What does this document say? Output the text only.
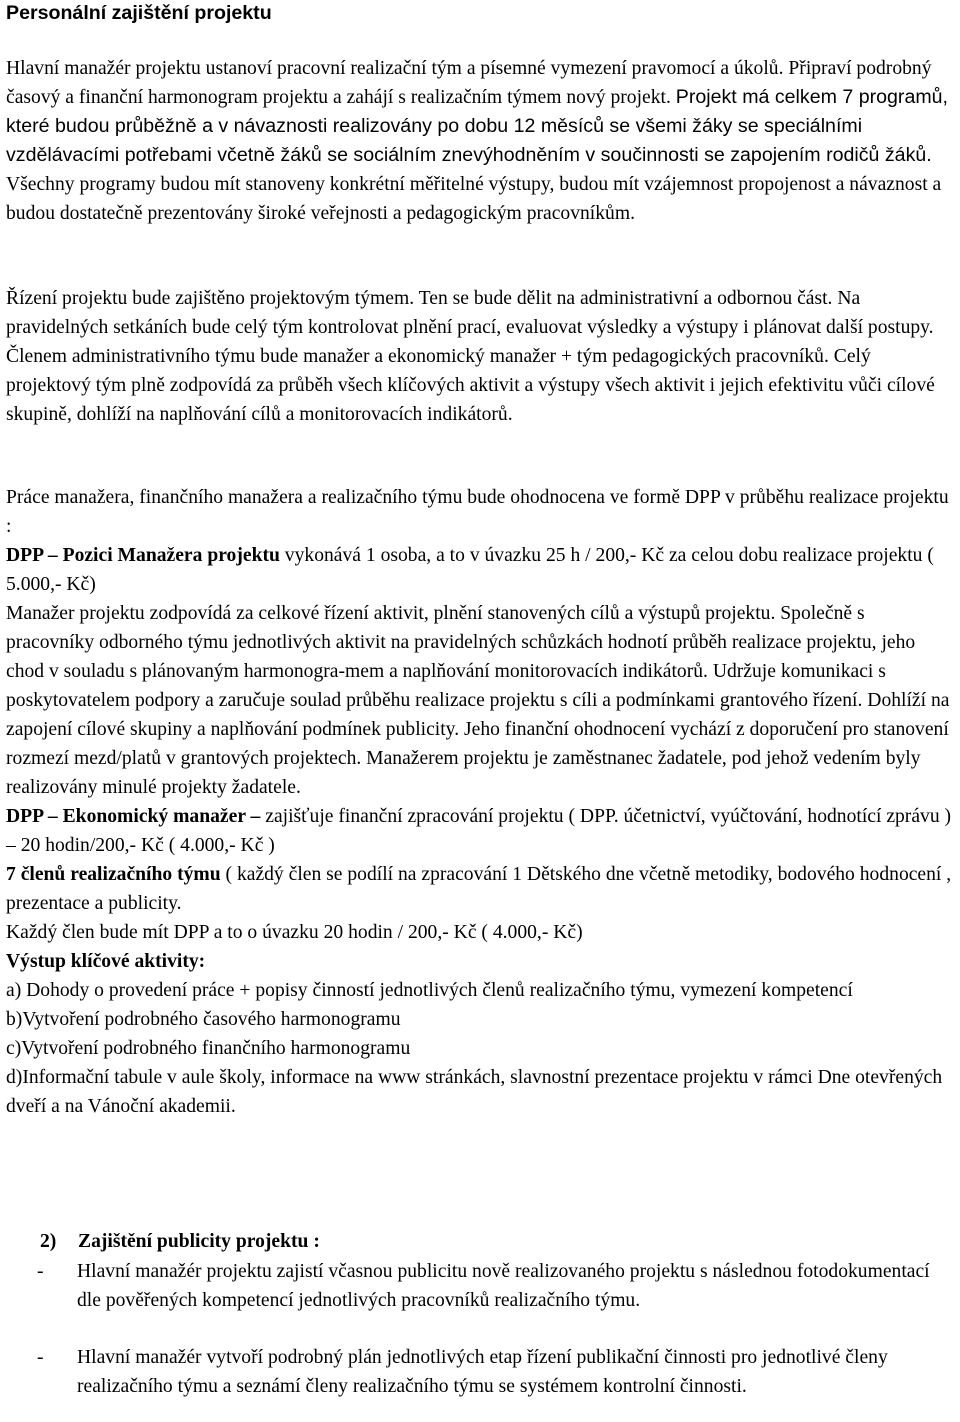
Personální zajištění projektu

Hlavní manažér projektu ustanoví pracovní realizační tým a písemné vymezení pravomocí a úkolů. Připraví podrobný časový a finanční harmonogram projektu a zahájí s realizačním týmem nový projekt. Projekt má celkem 7 programů, které budou průběžně a v návaznosti realizovány po dobu 12 měsíců se všemi žáky se speciálními vzdělávacími potřebami včetně žáků se sociálním znevýhodněním v součinnosti se zapojením rodičů žáků. Všechny programy budou mít stanoveny konkrétní měřitelné výstupy, budou mít vzájemnost propojenost a návaznost a budou dostatečně prezentovány široké veřejnosti a pedagogickým pracovníkům.

Řízení projektu bude zajištěno projektovým týmem. Ten se bude dělit na administrativní a odbornou část. Na pravidelných setkáních bude celý tým kontrolovat plnění prací, evaluovat výsledky a výstupy i plánovat další postupy. Členem administrativního týmu bude manažer a ekonomický manažer + tým pedagogických pracovníků. Celý projektový tým plně zodpovídá za průběh všech klíčových aktivit a výstupy všech aktivit i jejich efektivitu vůči cílové skupině, dohlíží na naplňování cílů a monitorovacích indikátorů.

Práce manažera, finančního manažera a realizačního týmu bude ohodnocena ve formě DPP v průběhu realizace projektu :

DPP – Pozici Manažera projektu vykonává 1 osoba, a to v úvazku 25 h / 200,- Kč za celou dobu realizace projektu ( 5.000,- Kč)

Manažer projektu zodpovídá za celkové řízení aktivit, plnění stanovených cílů a výstupů projektu. Společně s pracovníky odborného týmu jednotlivých aktivit na pravidelných schůzkách hodnotí průběh realizace projektu, jeho chod v souladu s plánovaným harmonogra-mem a naplňování monitorovacích indikátorů. Udržuje komunikaci s poskytovatelem podpory a zaručuje soulad průběhu realizace projektu s cíli a podmínkami grantového řízení. Dohlíží na zapojení cílové skupiny a naplňování podmínek publicity. Jeho finanční ohodnocení vychází z doporučení pro stanovení rozmezí mezd/platů v grantových projektech. Manažerem projektu je zaměstnanec žadatele, pod jehož vedením byly realizovány minulé projekty žadatele.

DPP – Ekonomický manažer – zajišťuje finanční zpracování projektu ( DPP. účetnictví, vyúčtování, hodnotící zprávu ) – 20 hodin/200,- Kč ( 4.000,- Kč )

7 členů realizačního týmu ( každý člen se podílí na zpracování 1 Dětského dne včetně metodiky, bodového hodnocení , prezentace a publicity.

Každý člen bude mít DPP a to o úvazku 20 hodin / 200,- Kč ( 4.000,- Kč)

Výstup klíčové aktivity:

a) Dohody o provedení práce + popisy činností jednotlivých členů realizačního týmu, vymezení kompetencí

b)Vytvoření podrobného časového harmonogramu

c)Vytvoření podrobného finančního harmonogramu

d)Informační tabule v aule školy, informace na www stránkách, slavnostní prezentace projektu v rámci Dne otevřených dveří a na Vánoční akademii.

2) Zajištění publicity projektu :
-	Hlavní manažér projektu zajistí včasnou publicitu nově realizovaného projektu s následnou fotodokumentací dle pověřených kompetencí jednotlivých pracovníků realizačního týmu.
-	Hlavní manažér vytvoří podrobný plán jednotlivých etap řízení publikační činnosti pro jednotlivé členy realizačního týmu a seznámí členy realizačního týmu se systémem kontrolní činnosti.
